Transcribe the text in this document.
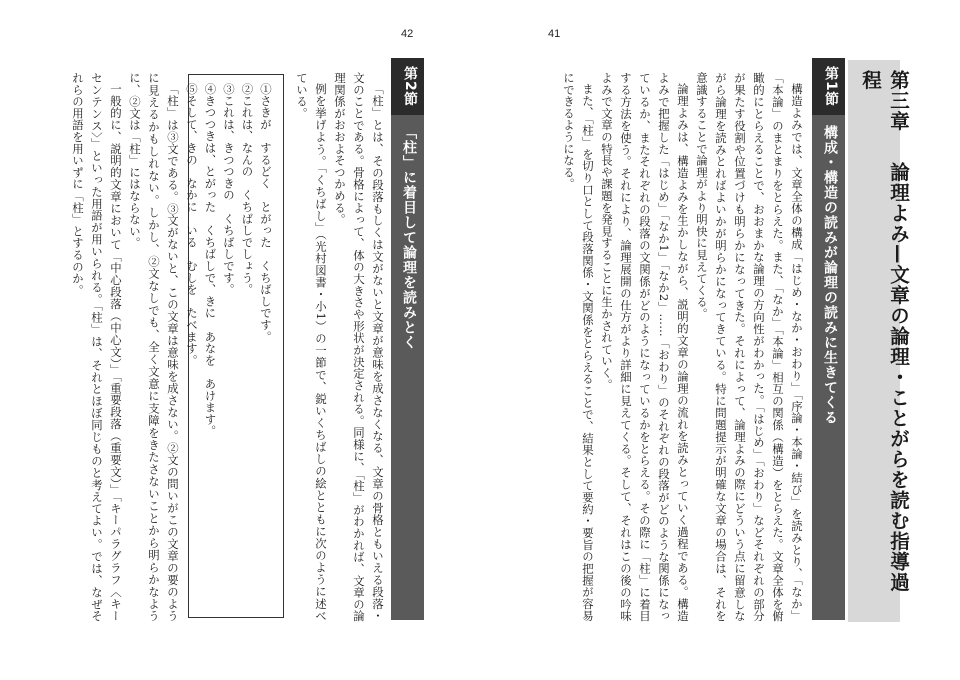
42	41
第三章　論理よみ—文章の論理・ことがらを読む指導過程
第1節
構成・構造の読みが論理の読みに生きてくる

構造よみでは、文章全体の構成「はじめ・なか・おわり」「序論・本論・結び」を読みとり、「なか」「本論」のまとまりをとらえた。また、「なか」「本論」相互の関係（構造）をとらえた。文章全体を俯瞰的にとらえることで、おおまかな論理の方向性がわかった。「はじめ」「おわり」などそれぞれの部分が果たす役割や位置づけも明らかになってきた。それによって、論理よみの際にどういう点に留意しながら論理を読みとればよいかが明らかになってきている。特に問題提示が明確な文章の場合は、それを意識することで論理がより明快に見えてくる。

論理よみは、構造よみを生かしながら、説明的文章の論理の流れを読みとっていく過程である。構造よみで把握した「はじめ」「なか1」「なか2」……「おわり」のそれぞれの段落がどのような関係になっているか、またそれぞれの段落の文関係がどのようになっているかをとらえる。その際に「柱」に着目する方法を使う。それにより、論理展開の仕方がより詳細に見えてくる。そして、それはこの後の吟味よみで文章の特長や課題を発見することに生かされていく。

また、「柱」を切り口として段落関係・文関係をとらえることで、結果として要約・要旨の把握が容易にできるようになる。

第2節
「柱」に着目して論理を読みとく

「柱」とは、その段落もしくは文がないと文章が意味を成さなくなる、文章の骨格ともいえる段落・文のことである。骨格によって、体の大きさや形状が決定される。同様に、「柱」がわかれば、文章の論理関係がおおよそつかめる。

例を挙げよう。「くちばし」（光村図書・小1）の一節で、鋭いくちばしの絵とともに次のように述べている。

①さきが　するどく　とがった　くちばしです。
②これは、なんの　くちばしでしょう。
③これは、きつつきの　くちばしです。
④きつつきは、とがった　くちばしで、きに　あなを　あけます。
⑤そして、きの　なかに　いる　むしを　たべます。

「柱」は③文である。③文がないと、この文章は意味を成さない。②文の問いがこの文章の要のように見えるかもしれない。しかし、②文なしでも、全く文意に支障をきたさないことから明らかなように、②文は「柱」にはならない。

一般的に、説明的文章において「中心段落（中心文）」「重要段落（重要文）」「キーパラグラフ〈キーセンテンス〉」といった用語が用いられる。「柱」は、それとほぼ同じものと考えてよい。では、なぜそれらの用語を用いずに「柱」とするのか。
